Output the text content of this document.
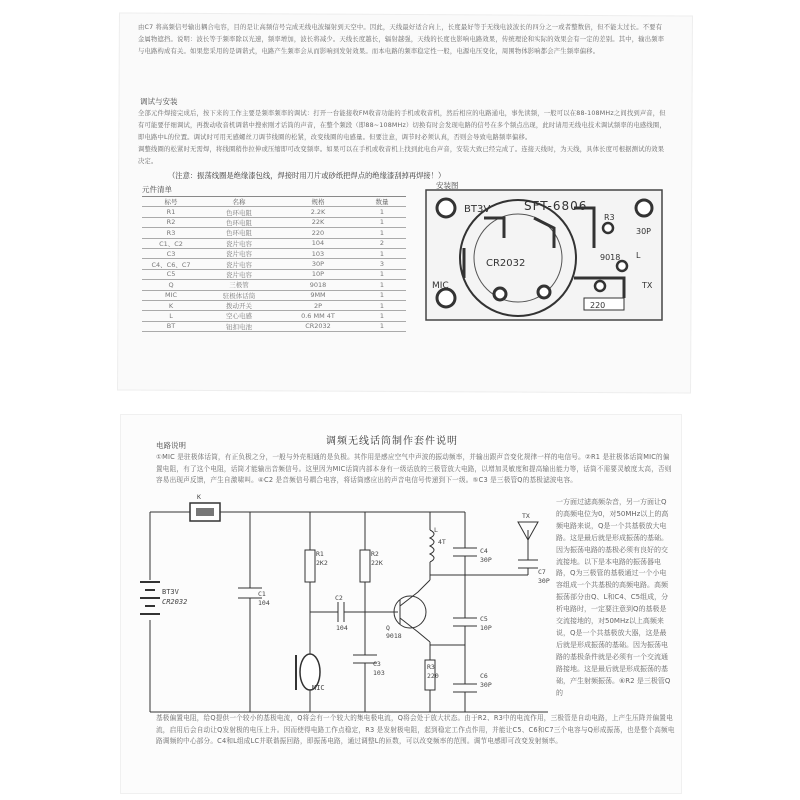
由C7 将高频信号输出耦合电容，目的是让高频信号完成无线电波辐射到天空中。因此，天线最好适合向上，长度最好等于无线电波波长的四分之一或者整数倍，但不能太过长。不要有金属物遮挡。说明：波长等于频率除以光速，频率增加，波长将减少。天线长度越长，辐射越强，天线的长度也影响电路效果，传统理论和实际的效果会有一定的差别。其中，输出频率与电路构成有关。如果您采用的是调谐式，电路产生频率会从而影响到发射效果。而本电路的频率稳定性一般，电源电压变化，周围物体影响都会产生频率偏移。
调试与安装
全部元件焊接完成后，按下来的工作主要是频率频率的调试：打开一台能接收FM收音功能的手机或收音机，然后相应的电路通电，事先读频，一般可以在88-108MHz之间找到声音，但有可能要仔细调试，再拨动收音机调谐中搜索刚才话筒的声音，在整个频段（即88~108MHz）切换有时会发现电路的信号在多个频点出现，此时请用无线电技术调试频率的电感线圈，即电路中L的位置。调试时可用无感螺丝刀调节线圈的松紧，改变线圈的电感量。但要注意，调节时必须认真，否则会导致电路频率偏移。
调整线圈的松紧时无需焊，将线圈稍作拉伸或压缩即可改变频率。如果可以在手机或收音机上找到此电台声音，安装大致已经完成了。连接天线时，为天线，具体长度可根据测试的效果决定。
（注意：振荡线圈是绝缘漆包线，焊接时用刀片或砂纸把焊点的绝缘漆刮掉再焊接！）
元件清单	安装图
标号	名称	规格	数量
R1	色环电阻	2.2K	1
R2	色环电阻	22K	1
R3	色环电阻	220	1
C1、C2	瓷片电容	104	2
C3	瓷片电容	103	1
C4、C6、C7	瓷片电容	30P	3
C5	瓷片电容	10P	1
Q	三极管	9018	1
MIC	驻极体话筒	9MM	1
K	拨动开关	2P	1
L	空心电感	0.6 MM 4T	1
BT	钮扣电池	CR2032	1
BT3V	SFT-6806
CR2032
MIC
R3
L
9018
30P
220
TX
调频无线话筒制作套件说明
电路说明
①MIC 是驻极体话筒，有正负极之分，一般与外壳相通的是负极。其作用是感应空气中声波的振动频率，并输出跟声音变化规律一样的电信号。②R1 是驻极体话筒MIC的偏置电阻，有了这个电阻，话筒才能输出音频信号。这里因为MIC话筒内部本身有一级话放的三极管放大电路，以增加灵敏度和提高输出能力等，话筒不需要灵敏度太高，否则容易出现声反馈，产生自激啸叫。④C2 是音频信号耦合电容，将话筒感应出的声音电信号传递到下一级。⑤C3 是三极管Q的基极滤波电容。
一方面过滤高频杂音，另一方面让Q的高频电位为0，对50MHz以上的高频电路来说，Q是一个共基极放大电路。这是最后就是形成振荡的基础。因为振荡电路的基极必须有良好的交流接地。以下是本电路的振荡器电路，Q为三极管的基极通过一个小电容组成一个共基极的高频电路。高频振荡部分由Q、L和C4、C5组成，分析电路时，一定要注意到Q的基极是交流接地的，对50MHz以上高频来说，Q是一个共基极放大器，这是最后就是形成振荡的基础。因为振荡电路的基极条件就是必须有一个交流通路接地。这是最后就是形成振荡的基础，产生射频振荡。⑥R2 是三极管Q的
基极偏置电阻，给Q提供一个较小的基极电流，Q将会有一个较大的集电极电流，Q将会处于放大状态。由于R2、R3中的电流作用，三极管是自动电路，上产生压降并偏置电流，启用后会自动让Q发射极的电压上升。因而使得电路工作点稳定，R3 是发射极电阻，起到稳定工作点作用，并能让C5、C6和C7三个电容与Q形成振荡，也是整个高频电路调频的中心部分。C4和L组成LC并联谐振回路，即振荡电路，通过调整L的匝数，可以改变频率的范围。调节电感即可改变发射频率。
K
BT3V
CR2032
C1
104
R1
2K2
R2
22K
C2
104
C3
103
MIC
Q
9018
R3
220
L
4T
C4
30P
C5
10P
C6
30P
C7
30P
TX
